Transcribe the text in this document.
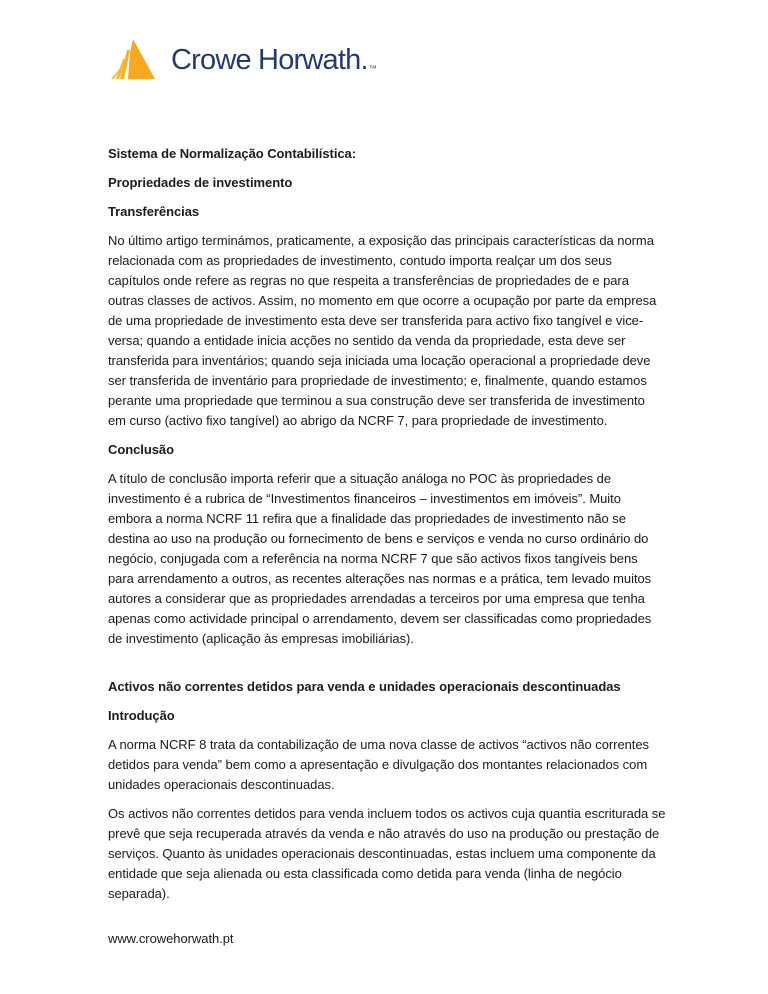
Crowe Horwath. ™

Sistema de Normalização Contabilística:

Propriedades de investimento

Transferências

No último artigo terminámos, praticamente, a exposição das principais características da norma relacionada com as propriedades de investimento, contudo importa realçar um dos seus capítulos onde refere as regras no que respeita a transferências de propriedades de e para outras classes de activos. Assim, no momento em que ocorre a ocupação por parte da empresa de uma propriedade de investimento esta deve ser transferida para activo fixo tangível e vice-versa; quando a entidade inicia acções no sentido da venda da propriedade, esta deve ser transferida para inventários; quando seja iniciada uma locação operacional a propriedade deve ser transferida de inventário para propriedade de investimento; e, finalmente, quando estamos perante uma propriedade que terminou a sua construção deve ser transferida de investimento em curso (activo fixo tangível) ao abrigo da NCRF 7, para propriedade de investimento.

Conclusão

A título de conclusão importa referir que a situação análoga no POC às propriedades de investimento é a rubrica de “Investimentos financeiros – investimentos em imóveis”. Muito embora a norma NCRF 11 refira que a finalidade das propriedades de investimento não se destina ao uso na produção ou fornecimento de bens e serviços e venda no curso ordinário do negócio, conjugada com a referência na norma NCRF 7 que são activos fixos tangíveis bens para arrendamento a outros, as recentes alterações nas normas e a prática, tem levado muitos autores a considerar que as propriedades arrendadas a terceiros por uma empresa que tenha apenas como actividade principal o arrendamento, devem ser classificadas como propriedades de investimento (aplicação às empresas imobiliárias).

Activos não correntes detidos para venda e unidades operacionais descontinuadas

Introdução

A norma NCRF 8 trata da contabilização de uma nova classe de activos “activos não correntes detidos para venda” bem como a apresentação e divulgação dos montantes relacionados com unidades operacionais descontinuadas.

Os activos não correntes detidos para venda incluem todos os activos cuja quantia escriturada se prevê que seja recuperada através da venda e não através do uso na produção ou prestação de serviços. Quanto às unidades operacionais descontinuadas, estas incluem uma componente da entidade que seja alienada ou esta classificada como detida para venda (linha de negócio separada).

www.crowehorwath.pt
